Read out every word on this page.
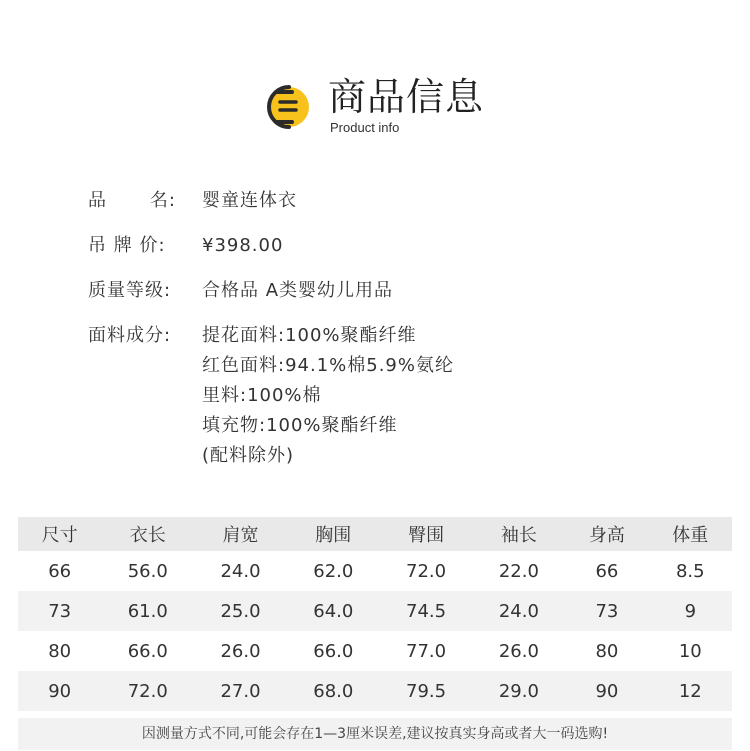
商品信息
Product info
品 名: 婴童连体衣
吊 牌 价:	¥398.00
质量等级:	合格品 A类婴幼儿用品
面料成分:	提花面料:100%聚酯纤维
红色面料:94.1%棉5.9%氨纶
里料:100%棉
填充物:100%聚酯纤维
(配料除外)
尺寸	衣长	肩宽	胸围	臀围	袖长	身高	体重
66	56.0	24.0	62.0	72.0	22.0	66	8.5
73	61.0	25.0	64.0	74.5	24.0	73	9
80	66.0	26.0	66.0	77.0	26.0	80	10
90	72.0	27.0	68.0	79.5	29.0	90	12
因测量方式不同,可能会存在1—3厘米误差,建议按真实身高或者大一码选购!
